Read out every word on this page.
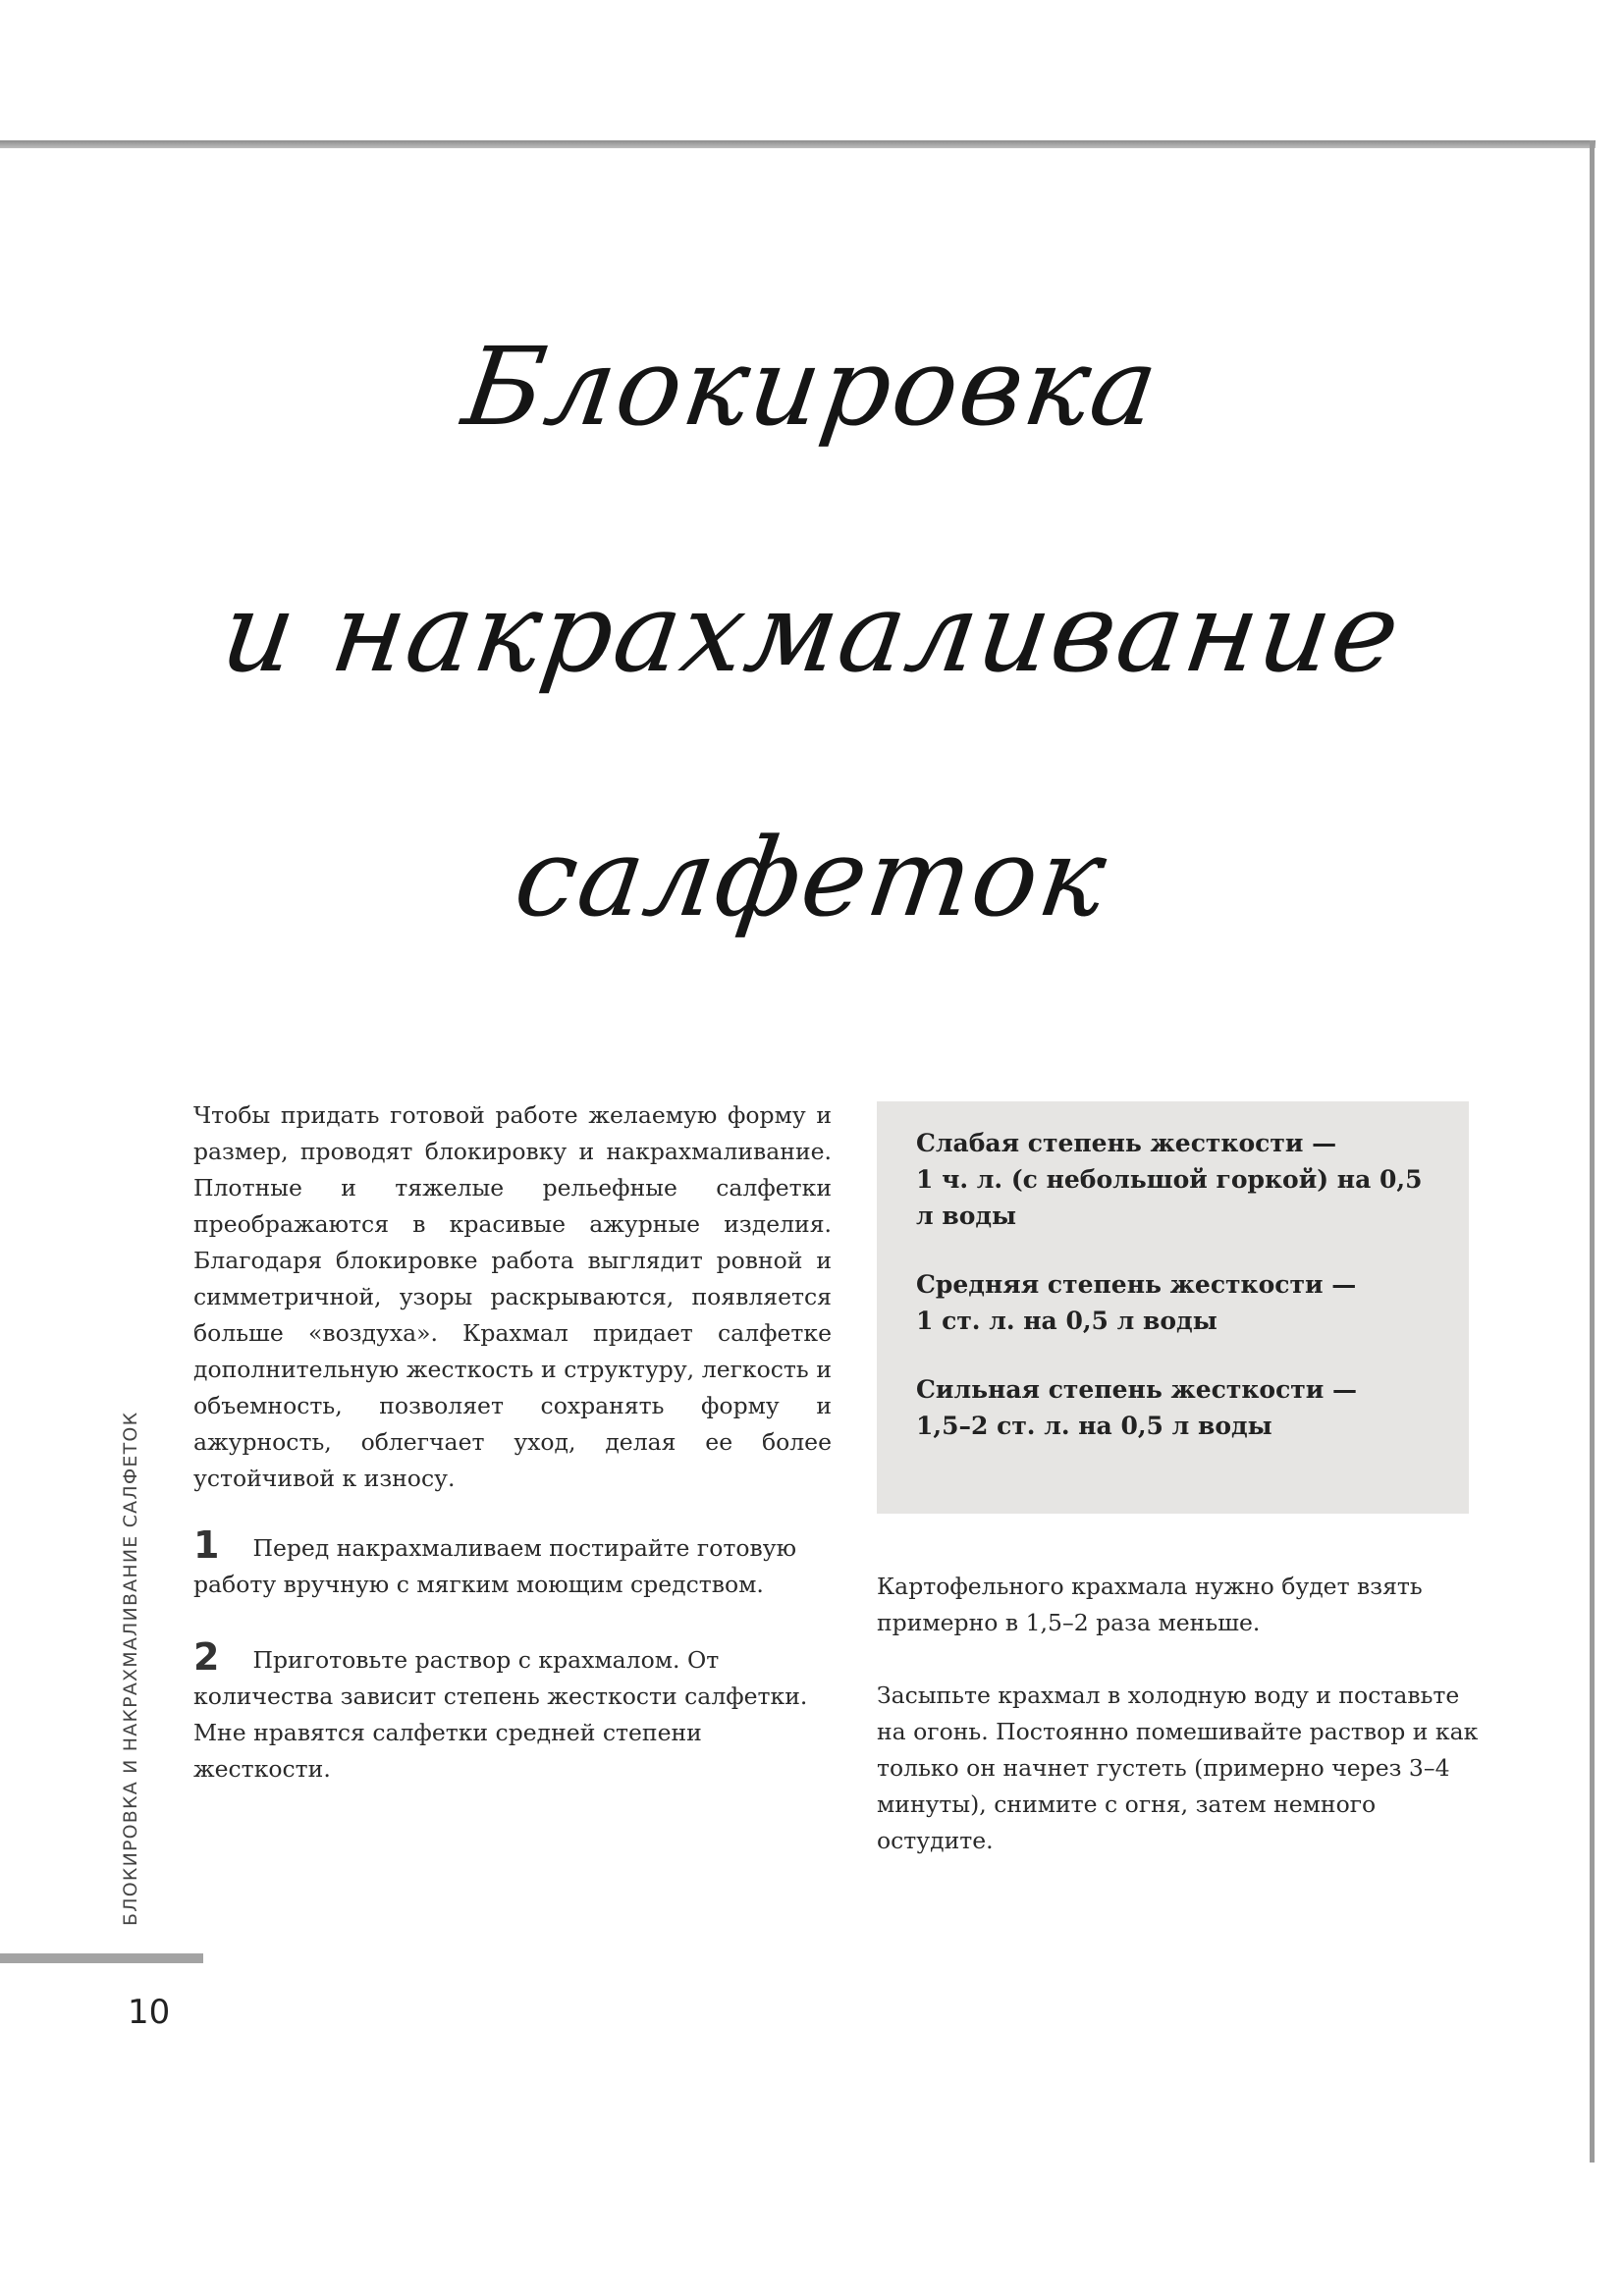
Блокировка
и накрахмаливание
салфеток

Чтобы придать готовой работе желаемую форму и размер, проводят блокировку и накрахмаливание. Плотные и тяжелые рельефные салфетки преображаются в красивые ажурные изделия. Благодаря блокировке работа выглядит ровной и симметричной, узоры раскрываются, появляется больше «воздуха». Крахмал придает салфетке дополнительную жесткость и структуру, легкость и объемность, позволяет сохранять форму и ажурность, облегчает уход, делая ее более устойчивой к износу.

1 Перед накрахмаливаем постирайте готовую работу вручную с мягким моющим средством.

2 Приготовьте раствор с крахмалом. От количества зависит степень жесткости салфетки. Мне нравятся салфетки средней степени жесткости.

Слабая степень жесткости —
1 ч. л. (с небольшой горкой) на 0,5 л воды

Средняя степень жесткости —
1 ст. л. на 0,5 л воды

Сильная степень жесткости —
1,5–2 ст. л. на 0,5 л воды

Картофельного крахмала нужно будет взять примерно в 1,5–2 раза меньше.

Засыпьте крахмал в холодную воду и поставьте на огонь. Постоянно помешивайте раствор и как только он начнет густеть (примерно через 3–4 минуты), снимите с огня, затем немного остудите.

БЛОКИРОВКА И НАКРАХМАЛИВАНИЕ САЛФЕТОК
10
